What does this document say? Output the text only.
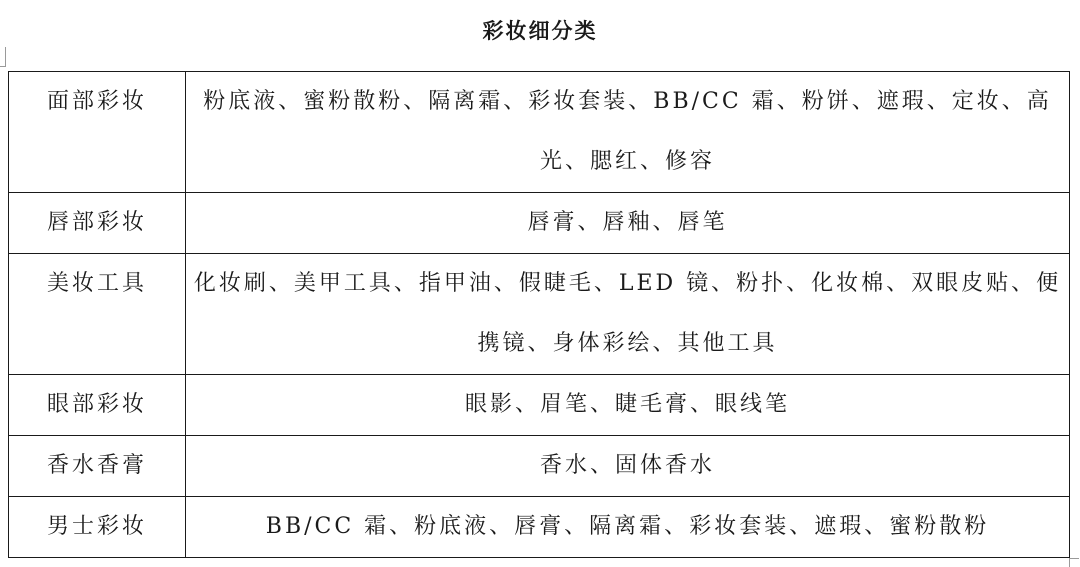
彩妆细分类
面部彩妆	粉底液、蜜粉散粉、隔离霜、彩妆套装、BB/CC 霜、粉饼、遮瑕、定妆、高光、腮红、修容
唇部彩妆	唇膏、唇釉、唇笔
美妆工具	化妆刷、美甲工具、指甲油、假睫毛、LED 镜、粉扑、化妆棉、双眼皮贴、便携镜、身体彩绘、其他工具
眼部彩妆	眼影、眉笔、睫毛膏、眼线笔
香水香膏	香水、固体香水
男士彩妆	BB/CC 霜、粉底液、唇膏、隔离霜、彩妆套装、遮瑕、蜜粉散粉
